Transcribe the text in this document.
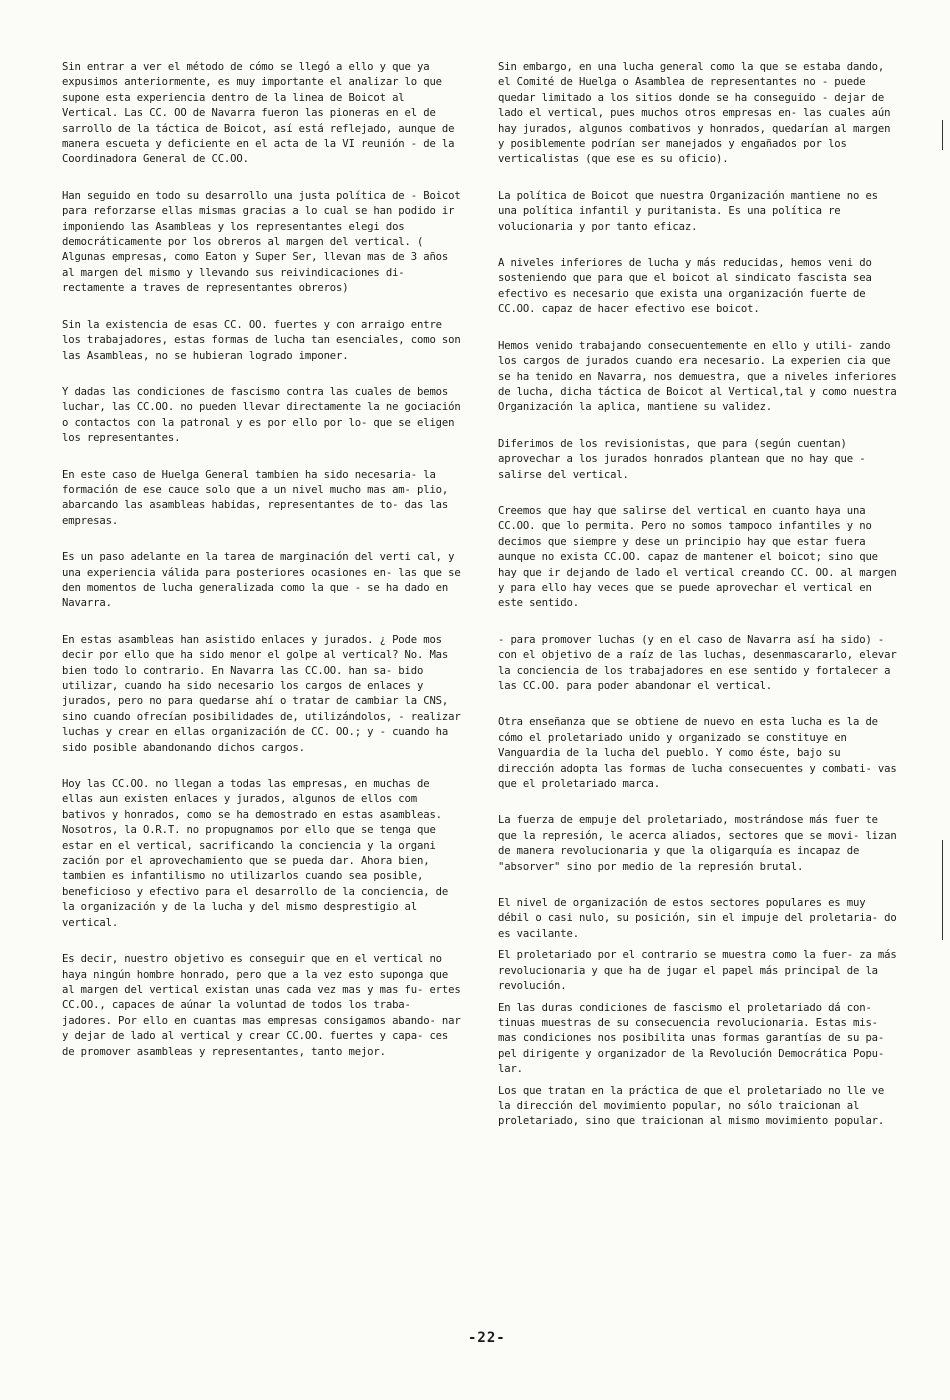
Sin entrar a ver el método de cómo se llegó a ello y que ya expusimos anteriormente, es muy importante el analizar lo que supone esta experiencia dentro de la linea de Boicot al Vertical. Las CC. OO de Navarra fueron las pioneras en el de sarrollo de la táctica de Boicot, así está reflejado, aunque de manera escueta y deficiente en el acta de la VI reunión - de la Coordinadora General de CC.OO.

Han seguido en todo su desarrollo una justa política de - Boicot para reforzarse ellas mismas gracias a lo cual se han podido ir imponiendo las Asambleas y los representantes elegi dos democráticamente por los obreros al margen del vertical. ( Algunas empresas, como Eaton y Super Ser, llevan mas de 3 años al margen del mismo y llevando sus reivindicaciones di- rectamente a traves de representantes obreros)

Sin la existencia de esas CC. OO. fuertes y con arraigo entre los trabajadores, estas formas de lucha tan esenciales, como son las Asambleas, no se hubieran logrado imponer.

Y dadas las condiciones de fascismo contra las cuales de bemos luchar, las CC.OO. no pueden llevar directamente la ne gociación o contactos con la patronal y es por ello por lo- que se eligen los representantes.

En este caso de Huelga General tambien ha sido necesaria- la formación de ese cauce solo que a un nivel mucho mas am- plio, abarcando las asambleas habidas, representantes de to- das las empresas.

Es un paso adelante en la tarea de marginación del verti cal, y una experiencia válida para posteriores ocasiones en- las que se den momentos de lucha generalizada como la que - se ha dado en Navarra.

En estas asambleas han asistido enlaces y jurados. ¿ Pode mos decir por ello que ha sido menor el golpe al vertical? No. Mas bien todo lo contrario. En Navarra las CC.OO. han sa- bido utilizar, cuando ha sido necesario los cargos de enlaces y jurados, pero no para quedarse ahí o tratar de cambiar la CNS, sino cuando ofrecían posibilidades de, utilizándolos, - realizar luchas y crear en ellas organización de CC. OO.; y - cuando ha sido posible abandonando dichos cargos.

Hoy las CC.OO. no llegan a todas las empresas, en muchas de ellas aun existen enlaces y jurados, algunos de ellos com bativos y honrados, como se ha demostrado en estas asambleas. Nosotros, la O.R.T. no propugnamos por ello que se tenga que estar en el vertical, sacrificando la conciencia y la organi zación por el aprovechamiento que se pueda dar. Ahora bien, tambien es infantilismo no utilizarlos cuando sea posible, beneficioso y efectivo para el desarrollo de la conciencia, de la organización y de la lucha y del mismo desprestigio al vertical.

Es decir, nuestro objetivo es conseguir que en el vertical no haya ningún hombre honrado, pero que a la vez esto suponga que al margen del vertical existan unas cada vez mas y mas fu- ertes CC.OO., capaces de aúnar la voluntad de todos los traba- jadores. Por ello en cuantas mas empresas consigamos abando- nar y dejar de lado al vertical y crear CC.OO. fuertes y capa- ces de promover asambleas y representantes, tanto mejor.

Sin embargo, en una lucha general como la que se estaba dando, el Comité de Huelga o Asamblea de representantes no - puede quedar limitado a los sitios donde se ha conseguido - dejar de lado el vertical, pues muchos otros empresas en- las cuales aún hay jurados, algunos combativos y honrados, quedarían al margen y posiblemente podrían ser manejados y engañados por los verticalistas (que ese es su oficio).

La política de Boicot que nuestra Organización mantiene no es una política infantil y puritanista. Es una política re volucionaria y por tanto eficaz.

A niveles inferiores de lucha y más reducidas, hemos veni do sosteniendo que para que el boicot al sindicato fascista sea efectivo es necesario que exista una organización fuerte de CC.OO. capaz de hacer efectivo ese boicot.

Hemos venido trabajando consecuentemente en ello y utili- zando los cargos de jurados cuando era necesario. La experien cia que se ha tenido en Navarra, nos demuestra, que a niveles inferiores de lucha, dicha táctica de Boicot al Vertical,tal y como nuestra Organización la aplica, mantiene su validez.

Diferimos de los revisionistas, que para (según cuentan) aprovechar a los jurados honrados plantean que no hay que - salirse del vertical.

Creemos que hay que salirse del vertical en cuanto haya una CC.OO. que lo permita. Pero no somos tampoco infantiles y no decimos que siempre y dese un principio hay que estar fuera aunque no exista CC.OO. capaz de mantener el boicot; sino que hay que ir dejando de lado el vertical creando CC. OO. al margen y para ello hay veces que se puede aprovechar el vertical en este sentido.

- para promover luchas (y en el caso de Navarra así ha sido) - con el objetivo de a raíz de las luchas, desenmascararlo, elevar la conciencia de los trabajadores en ese sentido y fortalecer a las CC.OO. para poder abandonar el vertical.

Otra enseñanza que se obtiene de nuevo en esta lucha es la de cómo el proletariado unido y organizado se constituye en Vanguardia de la lucha del pueblo. Y como éste, bajo su dirección adopta las formas de lucha consecuentes y combati- vas que el proletariado marca.

La fuerza de empuje del proletariado, mostrándose más fuer te que la represión, le acerca aliados, sectores que se movi- lizan de manera revolucionaria y que la oligarquía es incapaz de "absorver" sino por medio de la represión brutal.

El nivel de organización de estos sectores populares es muy débil o casi nulo, su posición, sin el impuje del proletaria- do es vacilante.

El proletariado por el contrario se muestra como la fuer- za más revolucionaria y que ha de jugar el papel más principal de la revolución.

En las duras condiciones de fascismo el proletariado dá con- tinuas muestras de su consecuencia revolucionaria. Estas mis- mas condiciones nos posibilita unas formas garantías de su pa- pel dirigente y organizador de la Revolución Democrática Popu- lar.

Los que tratan en la práctica de que el proletariado no lle ve la dirección del movimiento popular, no sólo traicionan al proletariado, sino que traicionan al mismo movimiento popular.

-22-
